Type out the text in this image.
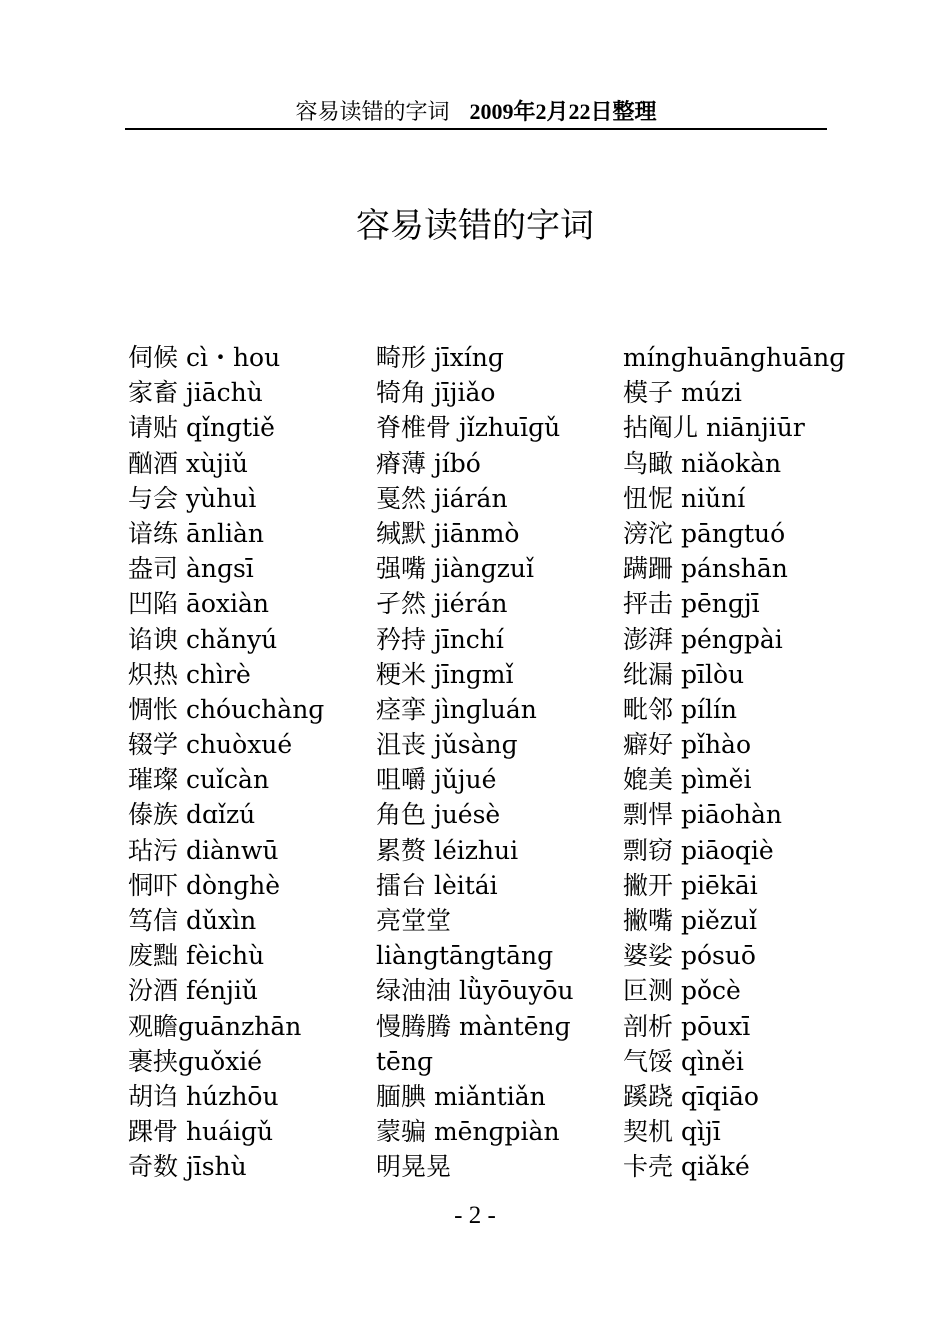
容易读错的字词 2009年2月22日整理
容易读错的字词
伺候 cì・hou
家畜 jiāchù
请贴 qǐnɡtiě
酗酒 xùjiǔ
与会 yùhuì
谙练 ānliàn
盎司 ànɡsī
凹陷 āoxiàn
谄谀 chǎnyú
炽热 chìrè
惆怅 chóuchànɡ
辍学 chuòxué
璀璨 cuǐcàn
傣族 dɑǐzú
玷污 diànwū
恫吓 dònɡhè
笃信 dǔxìn
废黜 fèichù
汾酒 fénjiǔ
观瞻ɡuānzhān
裹挟ɡuǒxié
胡诌 húzhōu
踝骨 huáiɡǔ
奇数 jīshù
畸形 jīxínɡ
犄角 jījiǎo
脊椎骨 jǐzhuīɡǔ
瘠薄 jíbó
戛然 jiárán
缄默 jiānmò
强嘴 jiànɡzuǐ
孑然 jiérán
矜持 jīnchí
粳米 jīnɡmǐ
痉挛 jìnɡluán
沮丧 jǔsànɡ
咀嚼 jǔjué
角色 juésè
累赘 léizhui
擂台 lèitái
亮堂堂
liànɡtānɡtānɡ
绿油油 lǜyōuyōu
慢腾腾 màntēnɡ
tēnɡ
腼腆 miǎntiǎn
蒙骗 mēnɡpiàn
明晃晃
mínɡhuānɡhuānɡ
模子 múzi
拈阄儿 niānjiūr
鸟瞰 niǎokàn
忸怩 niǔní
滂沱 pānɡtuó
蹒跚 pánshān
抨击 pēnɡjī
澎湃 pénɡpài
纰漏 pīlòu
毗邻 pílín
癖好 pǐhào
媲美 pìměi
剽悍 piāohàn
剽窃 piāoqiè
撇开 piēkāi
撇嘴 piězuǐ
婆娑 pósuō
叵测 pǒcè
剖析 pōuxī
气馁 qìněi
蹊跷 qīqiāo
契机 qìjī
卡壳 qiǎké
- 2 -
